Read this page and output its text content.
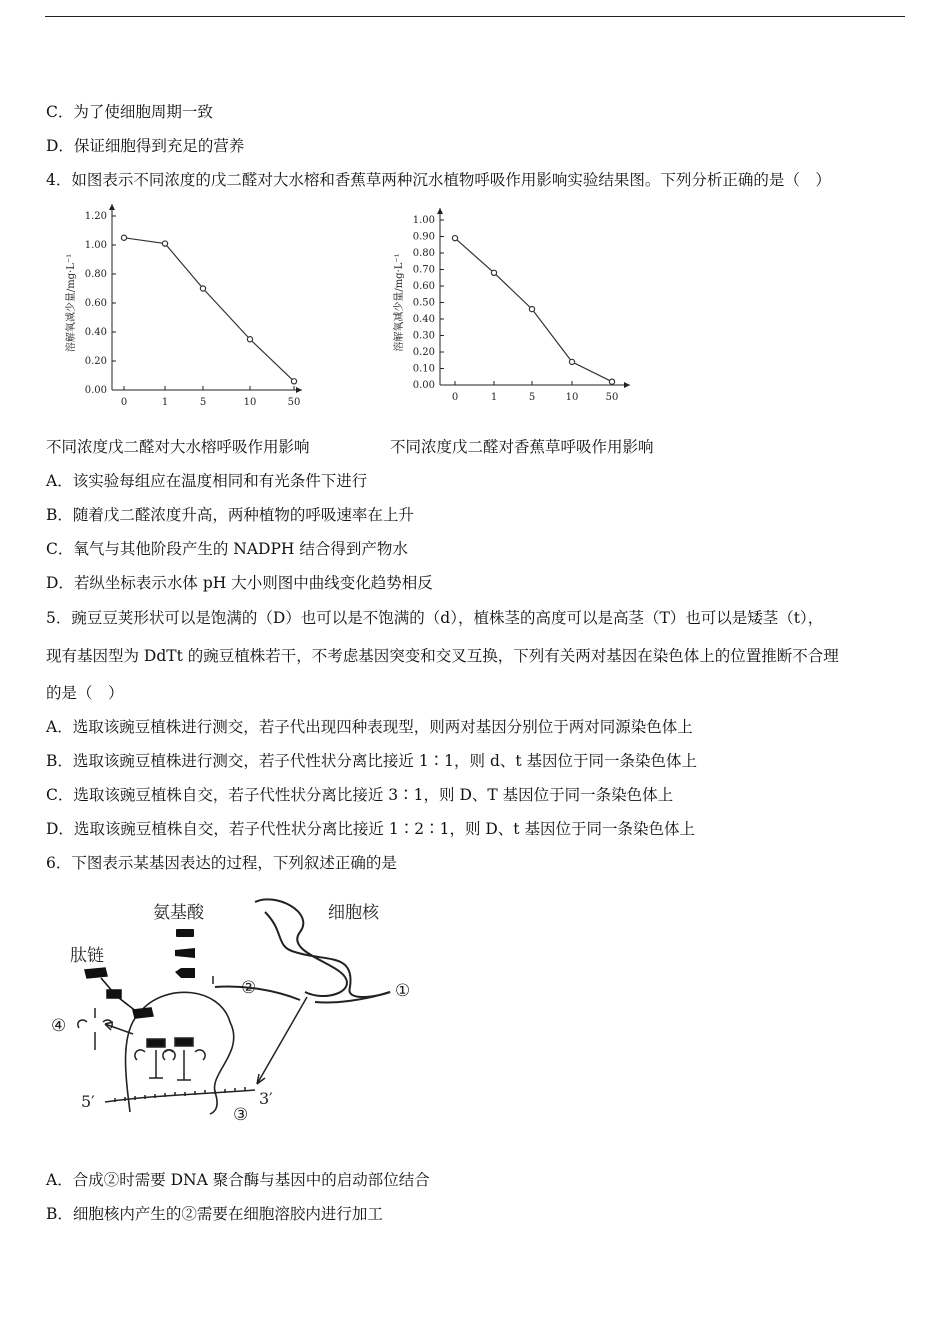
C．为了使细胞周期一致
D．保证细胞得到充足的营养
4．如图表示不同浓度的戊二醛对大水榕和香蕉草两种沉水植物呼吸作用影响实验结果图。下列分析正确的是（　）
0.00
0.20
0.40
0.60
0.80
1.00
1.20
0	1	5	10	50
溶解氧减少量/mg·L⁻¹
0.00
0.10
0.20
0.30
0.40
0.50
0.60
0.70
0.80
0.90
1.00
0	1	5	10	50
溶解氧减少量/mg·L⁻¹
不同浓度戊二醛对大水榕呼吸作用影响	不同浓度戊二醛对香蕉草呼吸作用影响
A．该实验每组应在温度相同和有光条件下进行
B．随着戊二醛浓度升高，两种植物的呼吸速率在上升
C．氧气与其他阶段产生的 NADPH 结合得到产物水
D．若纵坐标表示水体 pH 大小则图中曲线变化趋势相反
5．豌豆豆荚形状可以是饱满的（D）也可以是不饱满的（d），植株茎的高度可以是高茎（T）也可以是矮茎（t），
现有基因型为 DdTt 的豌豆植株若干，不考虑基因突变和交叉互换，下列有关两对基因在染色体上的位置推断不合理
的是（　）
A．选取该豌豆植株进行测交，若子代出现四种表现型，则两对基因分别位于两对同源染色体上
B．选取该豌豆植株进行测交，若子代性状分离比接近 1∶1，则 d、t 基因位于同一条染色体上
C．选取该豌豆植株自交，若子代性状分离比接近 3∶1，则 D、T 基因位于同一条染色体上
D．选取该豌豆植株自交，若子代性状分离比接近 1∶2∶1，则 D、t 基因位于同一条染色体上
6．下图表示某基因表达的过程，下列叙述正确的是
氨基酸	细胞核
肽链
②	①
④
5′	3′
③
A．合成②时需要 DNA 聚合酶与基因中的启动部位结合
B．细胞核内产生的②需要在细胞溶胶内进行加工
